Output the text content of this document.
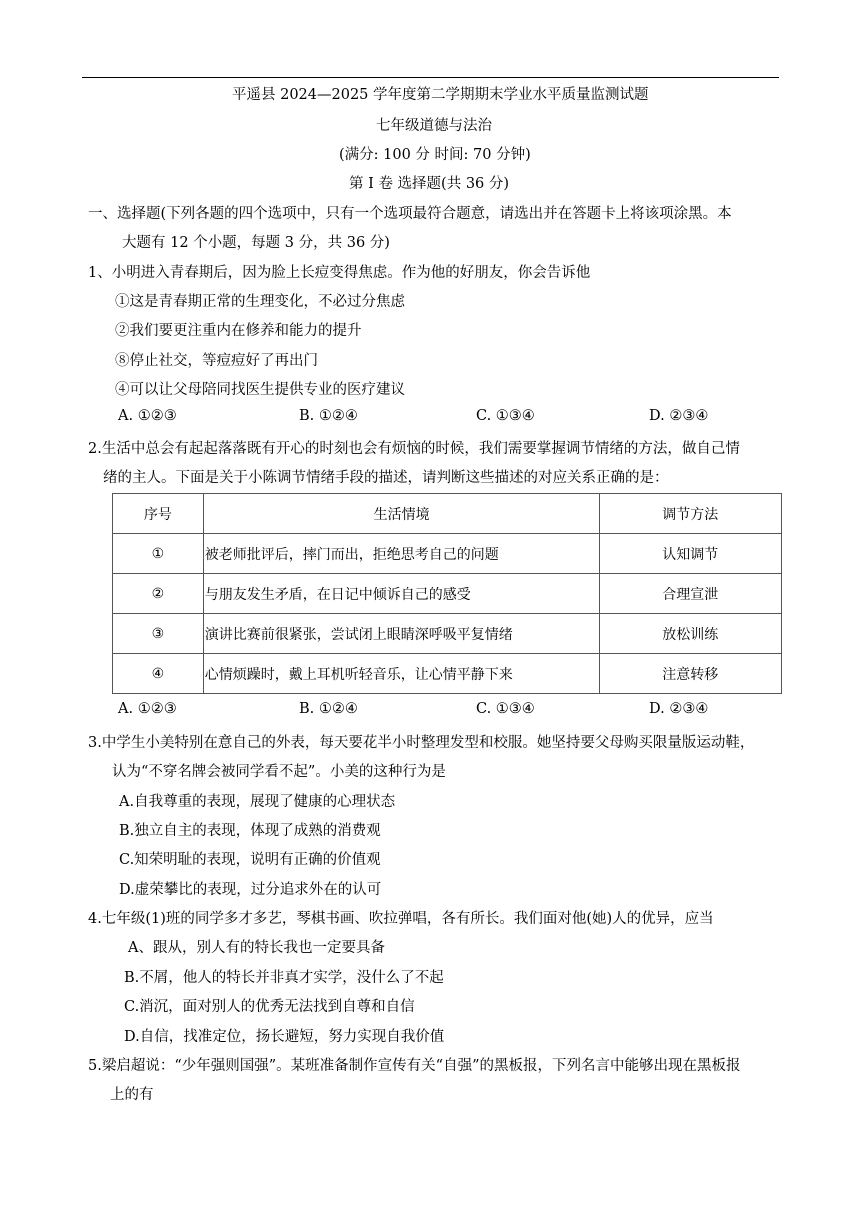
平遥县 2024—2025 学年度第二学期期末学业水平质量监测试题
七年级道德与法治
(满分: 100 分 时间: 70 分钟)
第 Ⅰ 卷 选择题(共 36 分)
一、选择题(下列各题的四个选项中，只有一个选项最符合题意，请选出并在答题卡上将该项涂黑。本
大题有 12 个小题，每题 3 分，共 36 分)
1、小明进入青春期后，因为脸上长痘变得焦虑。作为他的好朋友，你会告诉他
①这是青春期正常的生理变化，不必过分焦虑
②我们要更注重内在修养和能力的提升
⑧停止社交，等痘痘好了再出门
④可以让父母陪同找医生提供专业的医疗建议
A. ①②③	B. ①②④	C. ①③④	D. ②③④
2.生活中总会有起起落落既有开心的时刻也会有烦恼的时候，我们需要掌握调节情绪的方法，做自己情
绪的主人。下面是关于小陈调节情绪手段的描述，请判断这些描述的对应关系正确的是：
序号	生活情境	调节方法
①	被老师批评后，摔门而出，拒绝思考自己的问题	认知调节
②	与朋友发生矛盾，在日记中倾诉自己的感受	合理宣泄
③	演讲比赛前很紧张，尝试闭上眼睛深呼吸平复情绪	放松训练
④	心情烦躁时，戴上耳机听轻音乐，让心情平静下来	注意转移
A. ①②③	B. ①②④	C. ①③④	D. ②③④
3.中学生小美特别在意自己的外表，每天要花半小时整理发型和校服。她坚持要父母购买限量版运动鞋，
认为“不穿名牌会被同学看不起”。小美的这种行为是
A.自我尊重的表现，展现了健康的心理状态
B.独立自主的表现，体现了成熟的消费观
C.知荣明耻的表现，说明有正确的价值观
D.虚荣攀比的表现，过分追求外在的认可
4.七年级(1)班的同学多才多艺，琴棋书画、吹拉弹唱，各有所长。我们面对他(她)人的优异，应当
A、跟从，别人有的特长我也一定要具备
B.不屑，他人的特长并非真才实学，没什么了不起
C.消沉，面对别人的优秀无法找到自尊和自信
D.自信，找准定位，扬长避短，努力实现自我价值
5.梁启超说：“少年强则国强”。某班准备制作宣传有关“自强”的黑板报，下列名言中能够出现在黑板报
上的有
